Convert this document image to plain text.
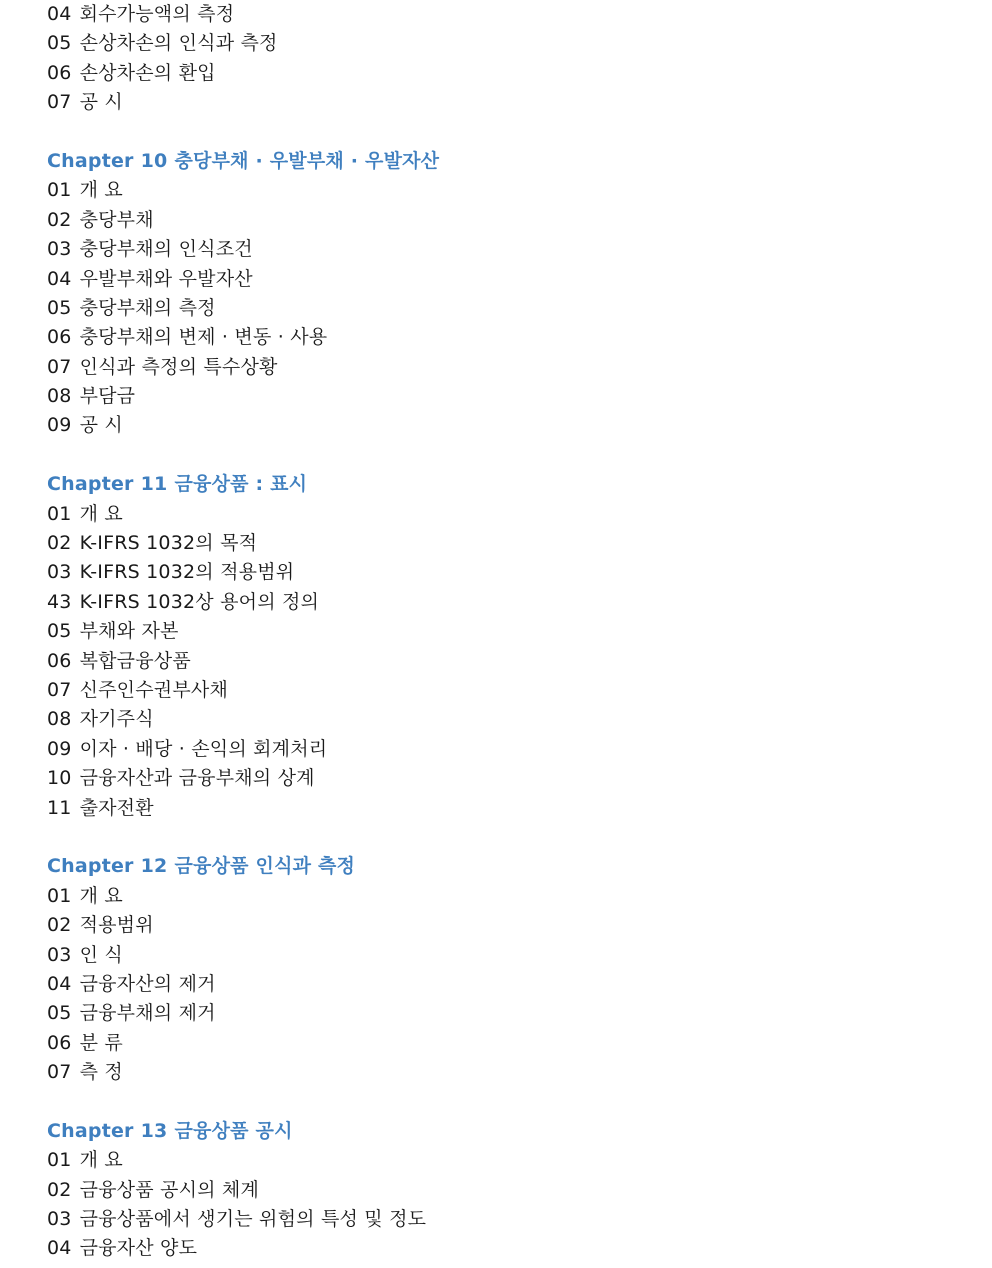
04 회수가능액의 측정
05 손상차손의 인식과 측정
06 손상차손의 환입
07 공 시
Chapter 10 충당부채 · 우발부채 · 우발자산
01 개 요
02 충당부채
03 충당부채의 인식조건
04 우발부채와 우발자산
05 충당부채의 측정
06 충당부채의 변제 · 변동 · 사용
07 인식과 측정의 특수상황
08 부담금
09 공 시
Chapter 11 금융상품 : 표시
01 개 요
02 K-IFRS 1032의 목적
03 K-IFRS 1032의 적용범위
43 K-IFRS 1032상 용어의 정의
05 부채와 자본
06 복합금융상품
07 신주인수권부사채
08 자기주식
09 이자 · 배당 · 손익의 회계처리
10 금융자산과 금융부채의 상계
11 출자전환
Chapter 12 금융상품 인식과 측정
01 개 요
02 적용범위
03 인 식
04 금융자산의 제거
05 금융부채의 제거
06 분 류
07 측 정
Chapter 13 금융상품 공시
01 개 요
02 금융상품 공시의 체계
03 금융상품에서 생기는 위험의 특성 및 정도
04 금융자산 양도
